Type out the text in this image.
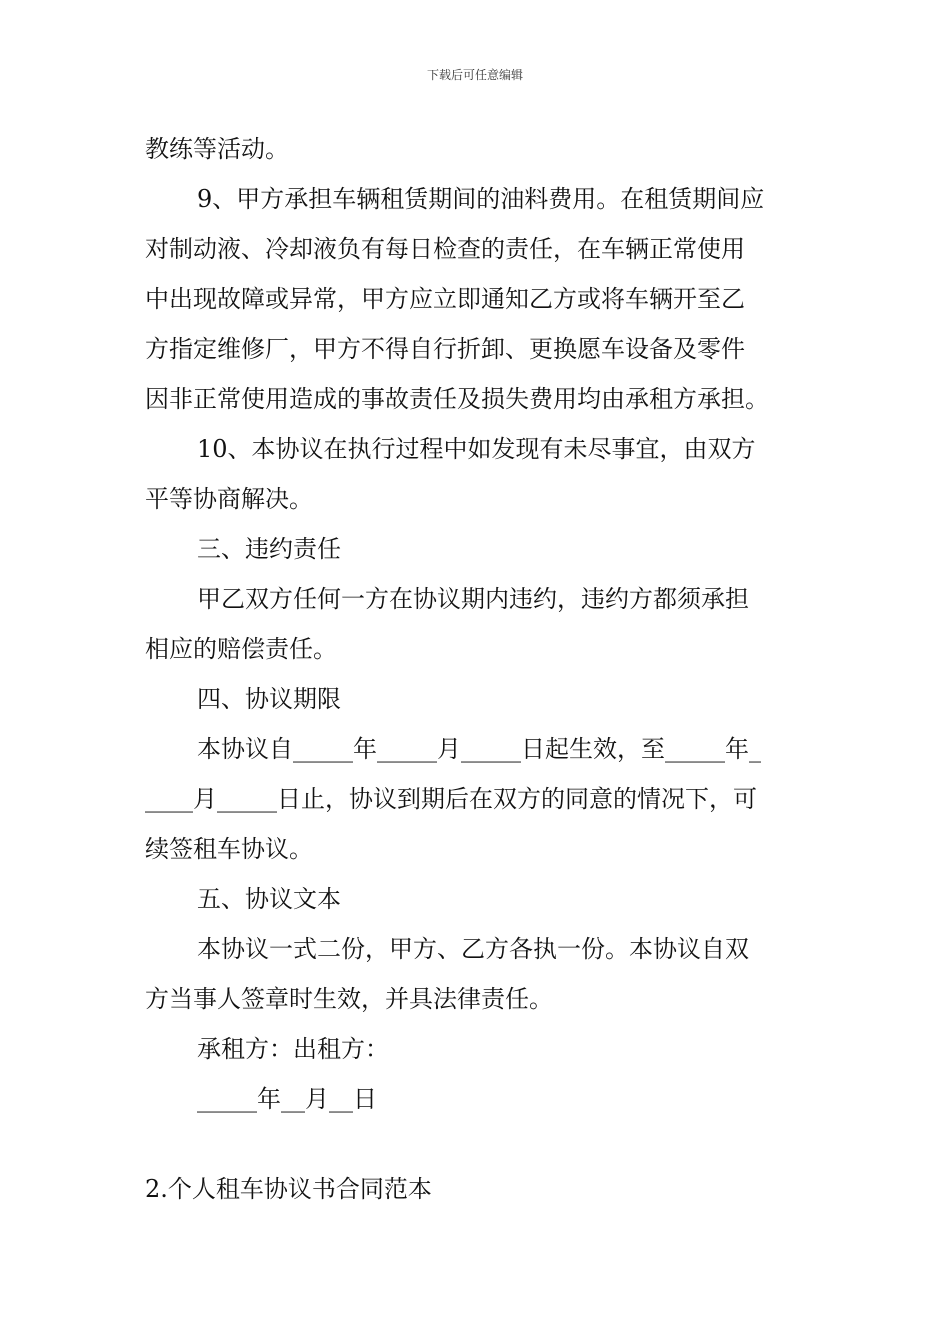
下载后可任意编辑
教练等活动。
9、甲方承担车辆租赁期间的油料费用。在租赁期间应
对制动液、冷却液负有每日检查的责任，在车辆正常使用
中出现故障或异常，甲方应立即通知乙方或将车辆开至乙
方指定维修厂，甲方不得自行折卸、更换愿车设备及零件
因非正常使用造成的事故责任及损失费用均由承租方承担。
10、本协议在执行过程中如发现有未尽事宜，由双方
平等协商解决。
三、违约责任
甲乙双方任何一方在协议期内违约，违约方都须承担
相应的赔偿责任。
四、协议期限
本协议自_____年_____月_____日起生效，至_____年_
____月_____日止，协议到期后在双方的同意的情况下，可
续签租车协议。
五、协议文本
本协议一式二份，甲方、乙方各执一份。本协议自双
方当事人签章时生效，并具法律责任。
承租方：出租方：
_____年__月__日
2.个人租车协议书合同范本
